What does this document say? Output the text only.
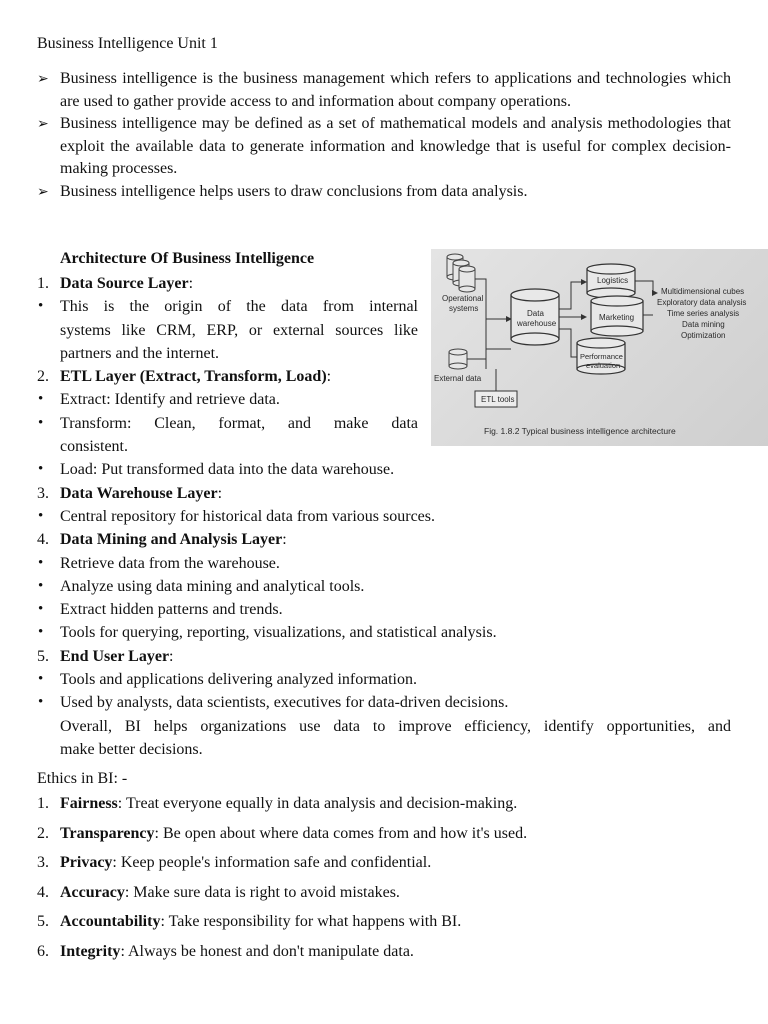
Business Intelligence Unit 1
➢ Business intelligence is the business management which refers to applications and technologies which are used to gather provide access to and information about company operations.
➢ Business intelligence may be defined as a set of mathematical models and analysis methodologies that exploit the available data to generate information and knowledge that is useful for complex decision-making processes.
➢ Business intelligence helps users to draw conclusions from data analysis.
Architecture Of Business Intelligence
1. Data Source Layer:
•	This is the origin of the data from internal
systems like CRM, ERP, or external sources like
partners and the internet.
2. ETL Layer (Extract, Transform, Load):
•	Extract: Identify and retrieve data.
•	Transform: Clean, format, and make data
consistent.
•	Load: Put transformed data into the data warehouse.
3. Data Warehouse Layer:
•	Central repository for historical data from various sources.
4. Data Mining and Analysis Layer:
•	Retrieve data from the warehouse.
•	Analyze using data mining and analytical tools.
•	Extract hidden patterns and trends.
•	Tools for querying, reporting, visualizations, and statistical analysis.
5. End User Layer:
•	Tools and applications delivering analyzed information.
•	Used by analysts, data scientists, executives for data-driven decisions.
Overall, BI helps organizations use data to improve efficiency, identify opportunities, and
make better decisions.
Operational
systems
External data
Data
warehouse
ETL tools
Logistics
Marketing
Performance
evaluation
Multidimensional cubes
Exploratory data analysis
Time series analysis
Data mining
Optimization
Fig. 1.8.2 Typical business intelligence architecture
Ethics in BI: -
1. Fairness: Treat everyone equally in data analysis and decision-making.
2. Transparency: Be open about where data comes from and how it's used.
3. Privacy: Keep people's information safe and confidential.
4. Accuracy: Make sure data is right to avoid mistakes.
5. Accountability: Take responsibility for what happens with BI.
6. Integrity: Always be honest and don't manipulate data.
